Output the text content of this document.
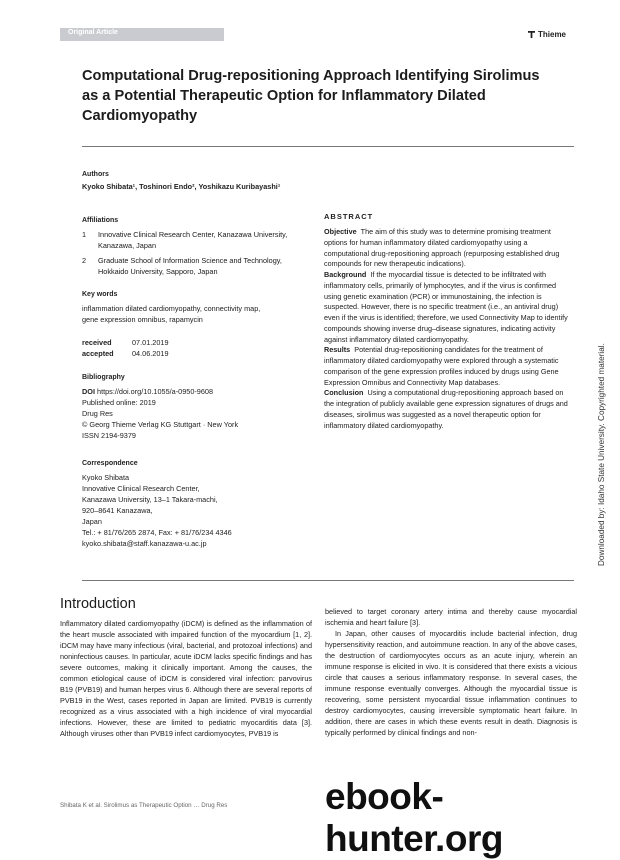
Original Article	Thieme
Computational Drug-repositioning Approach Identifying Sirolimus as a Potential Therapeutic Option for Inflammatory Dilated Cardiomyopathy
Authors
Kyoko Shibata¹, Toshinori Endo², Yoshikazu Kuribayashi¹
Affiliations
1 Innovative Clinical Research Center, Kanazawa University, Kanazawa, Japan
2 Graduate School of Information Science and Technology, Hokkaido University, Sapporo, Japan
Key words
inflammation dilated cardiomyopathy, connectivity map,
gene expression omnibus, rapamycin
received	07.01.2019
accepted	04.06.2019
Bibliography
DOI https://doi.org/10.1055/a-0950-9608
Published online: 2019
Drug Res
© Georg Thieme Verlag KG Stuttgart · New York
ISSN 2194-9379
Correspondence
Kyoko Shibata
Innovative Clinical Research Center,
Kanazawa University, 13–1 Takara-machi,
920–8641 Kanazawa,
Japan
Tel.: + 81/76/265 2874, Fax: + 81/76/234 4346
kyoko.shibata@staff.kanazawa-u.ac.jp
ABSTRACT

Objective The aim of this study was to determine promising treatment options for human inflammatory dilated cardiomyopathy using a computational drug-repositioning approach (repurposing established drug compounds for new therapeutic indications).

Background If the myocardial tissue is detected to be infiltrated with inflammatory cells, primarily of lymphocytes, and if the virus is confirmed using genetic examination (PCR) or immunostaining, the infection is suspected. However, there is no specific treatment (i.e., an antiviral drug) even if the virus is identified; therefore, we used Connectivity Map to identify compounds showing inverse drug–disease signatures, indicating activity against inflammatory dilated cardiomyopathy.

Results Potential drug-repositioning candidates for the treatment of inflammatory dilated cardiomyopathy were explored through a systematic comparison of the gene expression profiles induced by drugs using Gene Expression Omnibus and Connectivity Map databases.

Conclusion Using a computational drug-repositioning approach based on the integration of publicly available gene expression signatures of drugs and diseases, sirolimus was suggested as a novel therapeutic option for inflammatory dilated cardiomyopathy.	Downloaded by: Idaho State University. Copyrighted material.
Introduction

Inflammatory dilated cardiomyopathy (iDCM) is defined as the inflammation of the heart muscle associated with impaired function of the myocardium [1, 2]. iDCM may have many infectious (viral, bacterial, and protozoal infections) and noninfectious causes. In particular, acute iDCM lacks specific findings and has severe outcomes, making it clinically important. Among the causes, the common etiological cause of iDCM is considered viral infection: parvovirus B19 (PVB19) and human herpes virus 6. Although there are several reports of PVB19 in the West, cases reported in Japan are limited. PVB19 is currently recognized as a virus associated with a high incidence of viral myocardial infections. However, these are limited to pediatric myocarditis data [3]. Although viruses other than PVB19 infect cardiomyocytes, PVB19 is

believed to target coronary artery intima and thereby cause myocardial ischemia and heart failure [3].

In Japan, other causes of myocarditis include bacterial infection, drug hypersensitivity reaction, and autoimmune reaction. In any of the above cases, the destruction of cardiomyocytes occurs as an acute injury, wherein an immune response is elicited in vivo. It is considered that there exists a vicious circle that causes a serious inflammatory response. In several cases, the immune response eventually converges. Although the myocardial tissue is recovering, some persistent myocardial tissue inflammation continues to destroy cardiomyocytes, causing irreversible symptomatic heart failure. In addition, there are cases in which these events result in death. Diagnosis is typically performed by clinical findings and non-

Shibata K et al. Sirolimus as Therapeutic Option … Drug Res	ebook-hunter.org
